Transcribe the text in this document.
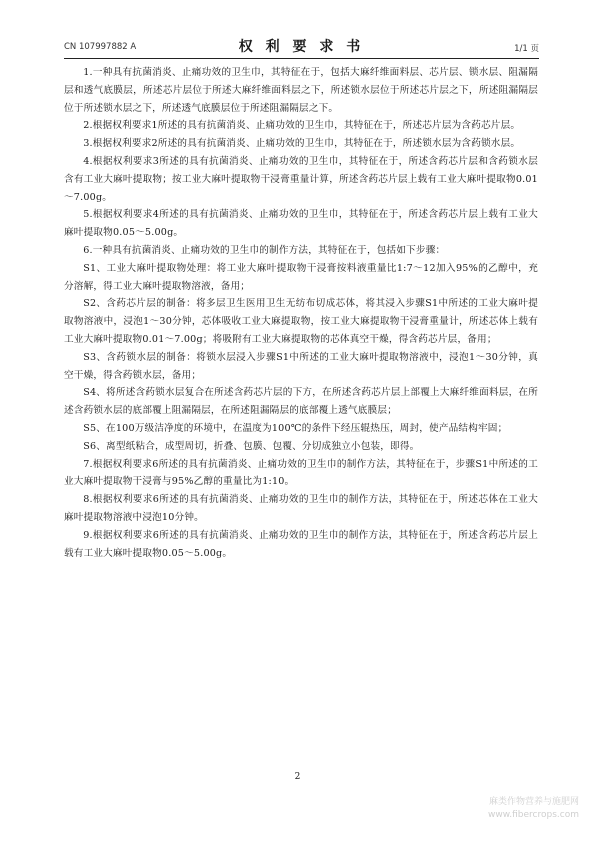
CN 107997882 A	权 利 要 求 书	1/1 页

1.一种具有抗菌消炎、止痛功效的卫生巾，其特征在于，包括大麻纤维面料层、芯片层、锁水层、阻漏隔层和透气底膜层，所述芯片层位于所述大麻纤维面料层之下，所述锁水层位于所述芯片层之下，所述阻漏隔层位于所述锁水层之下，所述透气底膜层位于所述阻漏隔层之下。

2.根据权利要求1所述的具有抗菌消炎、止痛功效的卫生巾，其特征在于，所述芯片层为含药芯片层。

3.根据权利要求2所述的具有抗菌消炎、止痛功效的卫生巾，其特征在于，所述锁水层为含药锁水层。

4.根据权利要求3所述的具有抗菌消炎、止痛功效的卫生巾，其特征在于，所述含药芯片层和含药锁水层含有工业大麻叶提取物；按工业大麻叶提取物干浸膏重量计算，所述含药芯片层上载有工业大麻叶提取物0.01～7.00g。

5.根据权利要求4所述的具有抗菌消炎、止痛功效的卫生巾，其特征在于，所述含药芯片层上载有工业大麻叶提取物0.05～5.00g。

6.一种具有抗菌消炎、止痛功效的卫生巾的制作方法，其特征在于，包括如下步骤：

S1、工业大麻叶提取物处理：将工业大麻叶提取物干浸膏按料液重量比1:7～12加入95%的乙醇中，充分溶解，得工业大麻叶提取物溶液，备用；

S2、含药芯片层的制备：将多层卫生医用卫生无纺布切成芯体，将其浸入步骤S1中所述的工业大麻叶提取物溶液中，浸泡1～30分钟，芯体吸收工业大麻提取物，按工业大麻提取物干浸膏重量计，所述芯体上载有工业大麻叶提取物0.01～7.00g；将吸附有工业大麻提取物的芯体真空干燥，得含药芯片层，备用；

S3、含药锁水层的制备：将锁水层浸入步骤S1中所述的工业大麻叶提取物溶液中，浸泡1～30分钟，真空干燥，得含药锁水层，备用；

S4、将所述含药锁水层复合在所述含药芯片层的下方，在所述含药芯片层上部覆上大麻纤维面料层，在所述含药锁水层的底部覆上阻漏隔层，在所述阻漏隔层的底部覆上透气底膜层；

S5、在100万级洁净度的环境中，在温度为100℃的条件下经压辊热压，周封，使产品结构牢固；

S6、离型纸粘合，成型周切，折叠、包膜、包覆、分切成独立小包装，即得。

7.根据权利要求6所述的具有抗菌消炎、止痛功效的卫生巾的制作方法，其特征在于，步骤S1中所述的工业大麻叶提取物干浸膏与95%乙醇的重量比为1:10。

8.根据权利要求6所述的具有抗菌消炎、止痛功效的卫生巾的制作方法，其特征在于，所述芯体在工业大麻叶提取物溶液中浸泡10分钟。

9.根据权利要求6所述的具有抗菌消炎、止痛功效的卫生巾的制作方法，其特征在于，所述含药芯片层上载有工业大麻叶提取物0.05～5.00g。

2
麻类作物营养与施肥网
www.fibercrops.com
